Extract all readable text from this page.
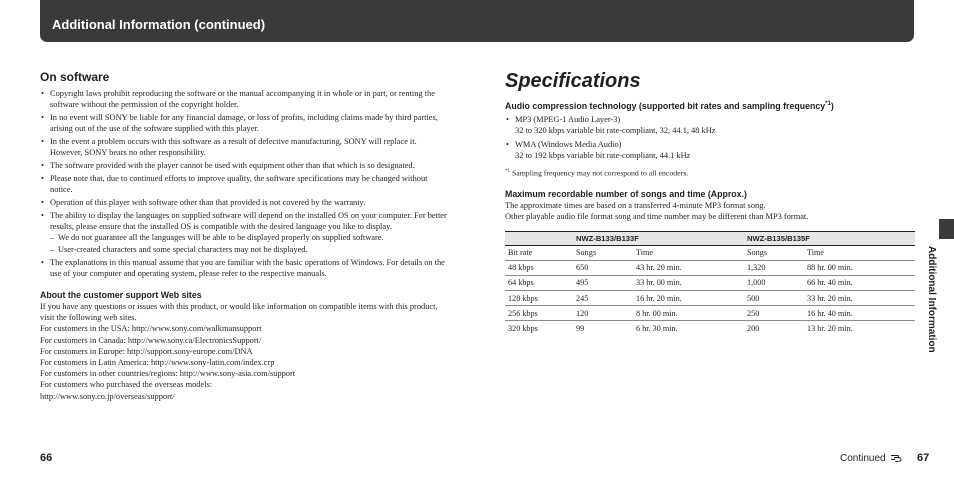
Additional Information (continued)
Additional Information
On software
• Copyright laws prohibit reproducing the software or the manual accompanying it in whole or in part, or renting the software without the permission of the copyright holder.
• In no event will SONY be liable for any financial damage, or loss of profits, including claims made by third parties, arising out of the use of the software supplied with this player.
• In the event a problem occurs with this software as a result of defective manufacturing, SONY will replace it. However, SONY bears no other responsibility.
• The software provided with the player cannot be used with equipment other than that which is so designated.
• Please note that, due to continued efforts to improve quality, the software specifications may be changed without notice.
• Operation of this player with software other than that provided is not covered by the warranty.
• The ability to display the languages on supplied software will depend on the installed OS on your computer. For better results, please ensure that the installed OS is compatible with the desired language you like to display.
– We do not guarantee all the languages will be able to be displayed properly on supplied software.
– User-created characters and some special characters may not be displayed.
• The explanations in this manual assume that you are familiar with the basic operations of Windows. For details on the use of your computer and operating system, please refer to the respective manuals.
About the customer support Web sites

If you have any questions or issues with this product, or would like information on compatible items with this product, visit the following web sites.

For customers in the USA: http://www.sony.com/walkmansupport

For customers in Canada: http://www.sony.ca/ElectronicsSupport/

For customers in Europe: http://support.sony-europe.com/DNA

For customers in Latin America: http://www.sony-latin.com/index.crp

For customers in other countries/regions: http://www.sony-asia.com/support

For customers who purchased the overseas models:

http://www.sony.co.jp/overseas/support/

Specifications
Audio compression technology (supported bit rates and sampling frequency$^{*1}$)
• MP3 (MPEG-1 Audio Layer-3)
32 to 320 kbps variable bit rate-compliant, 32, 44.1, 48 kHz
• WMA (Windows Media Audio)
32 to 192 kbps variable bit rate-compliant, 44.1 kHz
$^{*1}$ Sampling frequency may not correspond to all encoders.
Maximum recordable number of songs and time (Approx.)
The approximate times are based on a transferred 4-minute MP3 format song.
Other playable audio file format song and time number may be different than MP3 format.
	NWZ-B133/B133F		NWZ-B135/B135F	
Bit rate	Songs	Time	Songs	Time
48 kbps	650	43 hr. 20 min.	1,320	88 hr. 00 min.
64 kbps	495	33 hr. 00 min.	1,000	66 hr. 40 min.
128 kbps	245	16 hr. 20 min.	500	33 hr. 20 min.
256 kbps	120	8 hr. 00 min.	250	16 hr. 40 min.
320 kbps	99	6 hr. 30 min.	200	13 hr. 20 min.
66	Continued	67
